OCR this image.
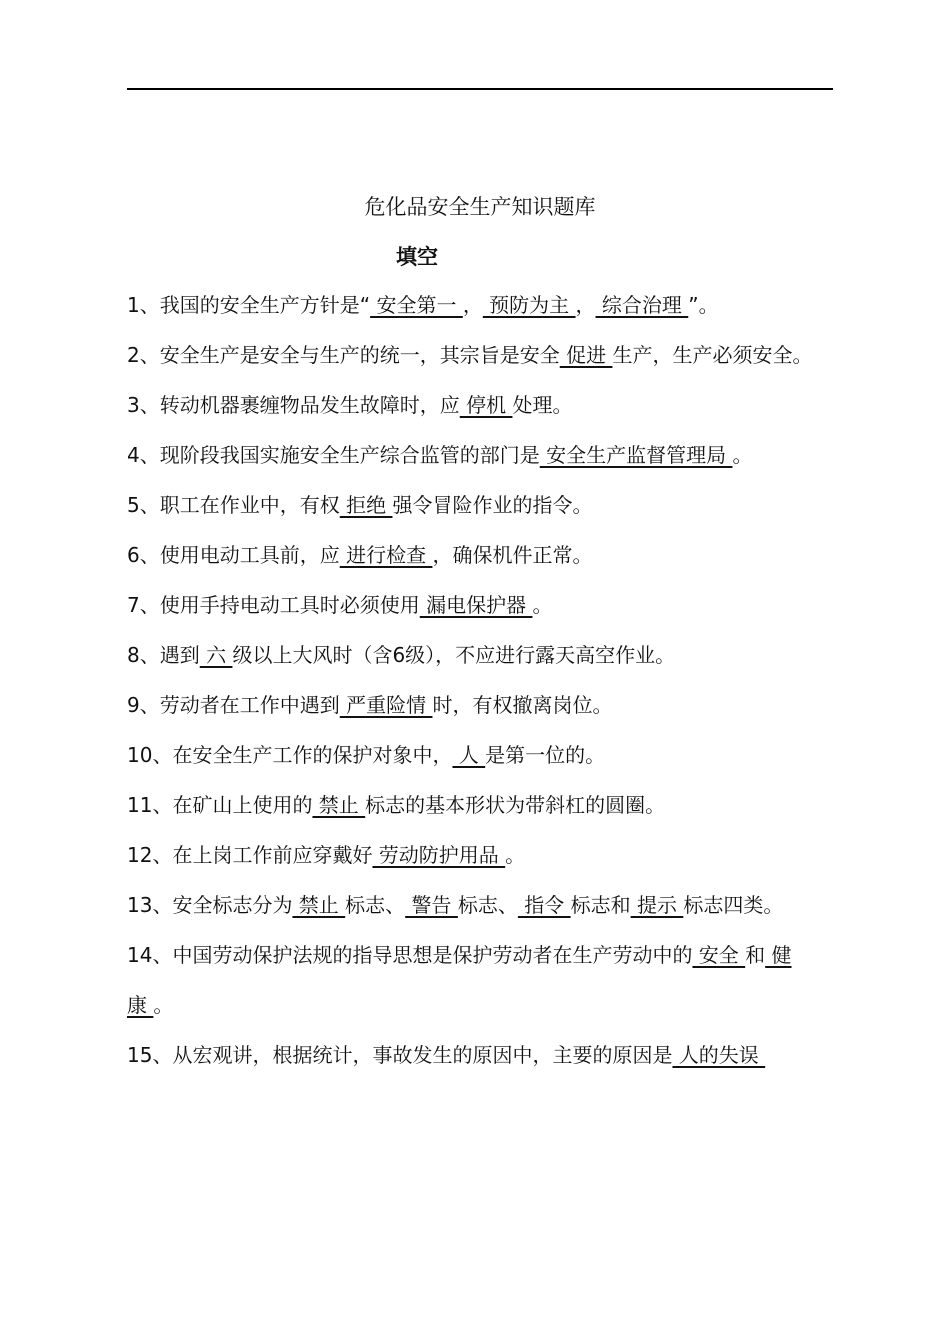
危化品安全生产知识题库
填空

1、我国的安全生产方针是“ 安全第一 ， 预防为主 ， 综合治理 ”。

2、安全生产是安全与生产的统一，其宗旨是安全 促进 生产，生产必须安全。

3、转动机器裹缠物品发生故障时，应 停机 处理。

4、现阶段我国实施安全生产综合监管的部门是 安全生产监督管理局 。

5、职工在作业中，有权 拒绝 强令冒险作业的指令。

6、使用电动工具前，应 进行检查 ，确保机件正常。

7、使用手持电动工具时必须使用 漏电保护器 。

8、遇到 六 级以上大风时（含6级），不应进行露天高空作业。

9、劳动者在工作中遇到 严重险情 时，有权撤离岗位。

10、在安全生产工作的保护对象中， 人 是第一位的。

11、在矿山上使用的 禁止 标志的基本形状为带斜杠的圆圈。

12、在上岗工作前应穿戴好 劳动防护用品 。

13、安全标志分为 禁止 标志、 警告 标志、 指令 标志和 提示 标志四类。

14、中国劳动保护法规的指导思想是保护劳动者在生产劳动中的 安全 和 健康 。

15、从宏观讲，根据统计，事故发生的原因中，主要的原因是 人的失误
